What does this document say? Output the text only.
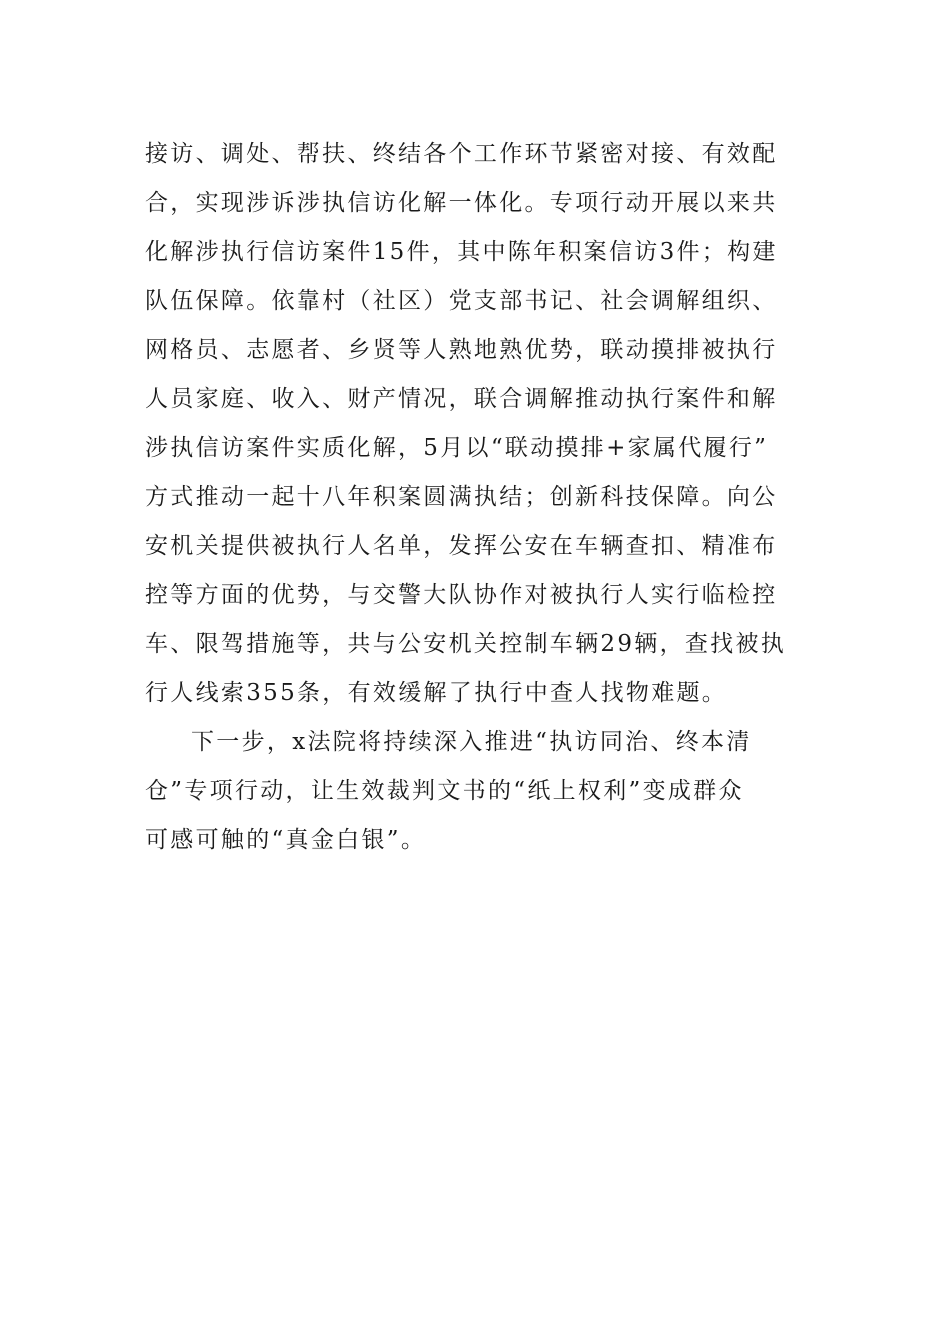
接访、调处、帮扶、终结各个工作环节紧密对接、有效配
合，实现涉诉涉执信访化解一体化。专项行动开展以来共
化解涉执行信访案件15件，其中陈年积案信访3件；构建
队伍保障。依靠村（社区）党支部书记、社会调解组织、
网格员、志愿者、乡贤等人熟地熟优势，联动摸排被执行
人员家庭、收入、财产情况，联合调解推动执行案件和解
涉执信访案件实质化解，5月以“联动摸排+家属代履行”
方式推动一起十八年积案圆满执结；创新科技保障。向公
安机关提供被执行人名单，发挥公安在车辆查扣、精准布
控等方面的优势，与交警大队协作对被执行人实行临检控
车、限驾措施等，共与公安机关控制车辆29辆，查找被执
行人线索355条，有效缓解了执行中查人找物难题。
下一步，x法院将持续深入推进“执访同治、终本清
仓”专项行动，让生效裁判文书的“纸上权利”变成群众
可感可触的“真金白银”。
